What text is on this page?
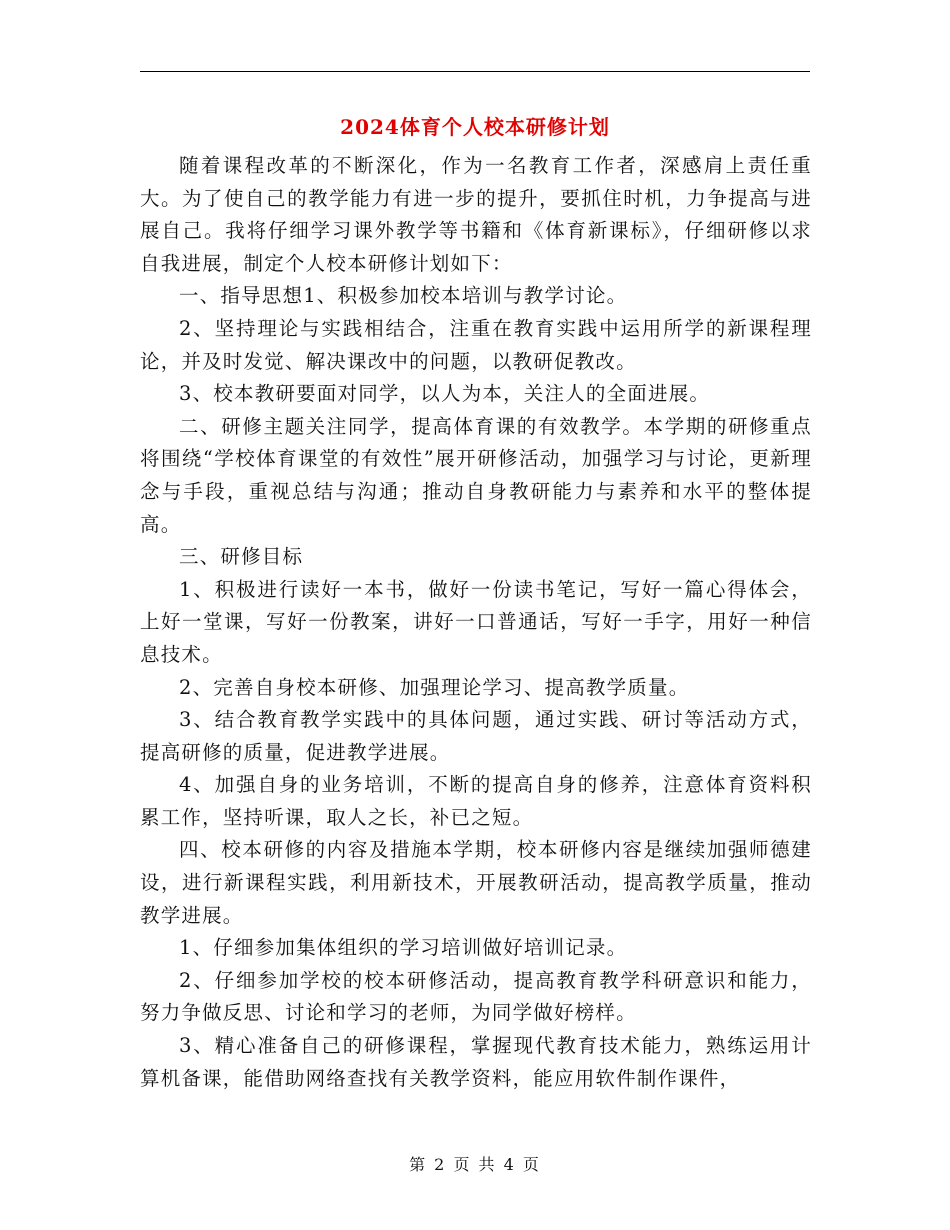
2024体育个人校本研修计划

随着课程改革的不断深化，作为一名教育工作者，深感肩上责任重大。为了使自己的教学能力有进一步的提升，要抓住时机，力争提高与进展自己。我将仔细学习课外教学等书籍和《体育新课标》，仔细研修以求自我进展，制定个人校本研修计划如下：

一、指导思想1、积极参加校本培训与教学讨论。

2、坚持理论与实践相结合，注重在教育实践中运用所学的新课程理论，并及时发觉、解决课改中的问题，以教研促教改。

3、校本教研要面对同学，以人为本，关注人的全面进展。

二、研修主题关注同学，提高体育课的有效教学。本学期的研修重点将围绕“学校体育课堂的有效性”展开研修活动，加强学习与讨论，更新理念与手段，重视总结与沟通；推动自身教研能力与素养和水平的整体提高。

三、研修目标

1、积极进行读好一本书，做好一份读书笔记，写好一篇心得体会，上好一堂课，写好一份教案，讲好一口普通话，写好一手字，用好一种信息技术。

2、完善自身校本研修、加强理论学习、提高教学质量。

3、结合教育教学实践中的具体问题，通过实践、研讨等活动方式，提高研修的质量，促进教学进展。

4、加强自身的业务培训，不断的提高自身的修养，注意体育资料积累工作，坚持听课，取人之长，补已之短。

四、校本研修的内容及措施本学期，校本研修内容是继续加强师德建设，进行新课程实践，利用新技术，开展教研活动，提高教学质量，推动教学进展。

1、仔细参加集体组织的学习培训做好培训记录。

2、仔细参加学校的校本研修活动，提高教育教学科研意识和能力，努力争做反思、讨论和学习的老师，为同学做好榜样。

3、精心准备自己的研修课程，掌握现代教育技术能力，熟练运用计算机备课，能借助网络查找有关教学资料，能应用软件制作课件，

第 2 页 共 4 页
